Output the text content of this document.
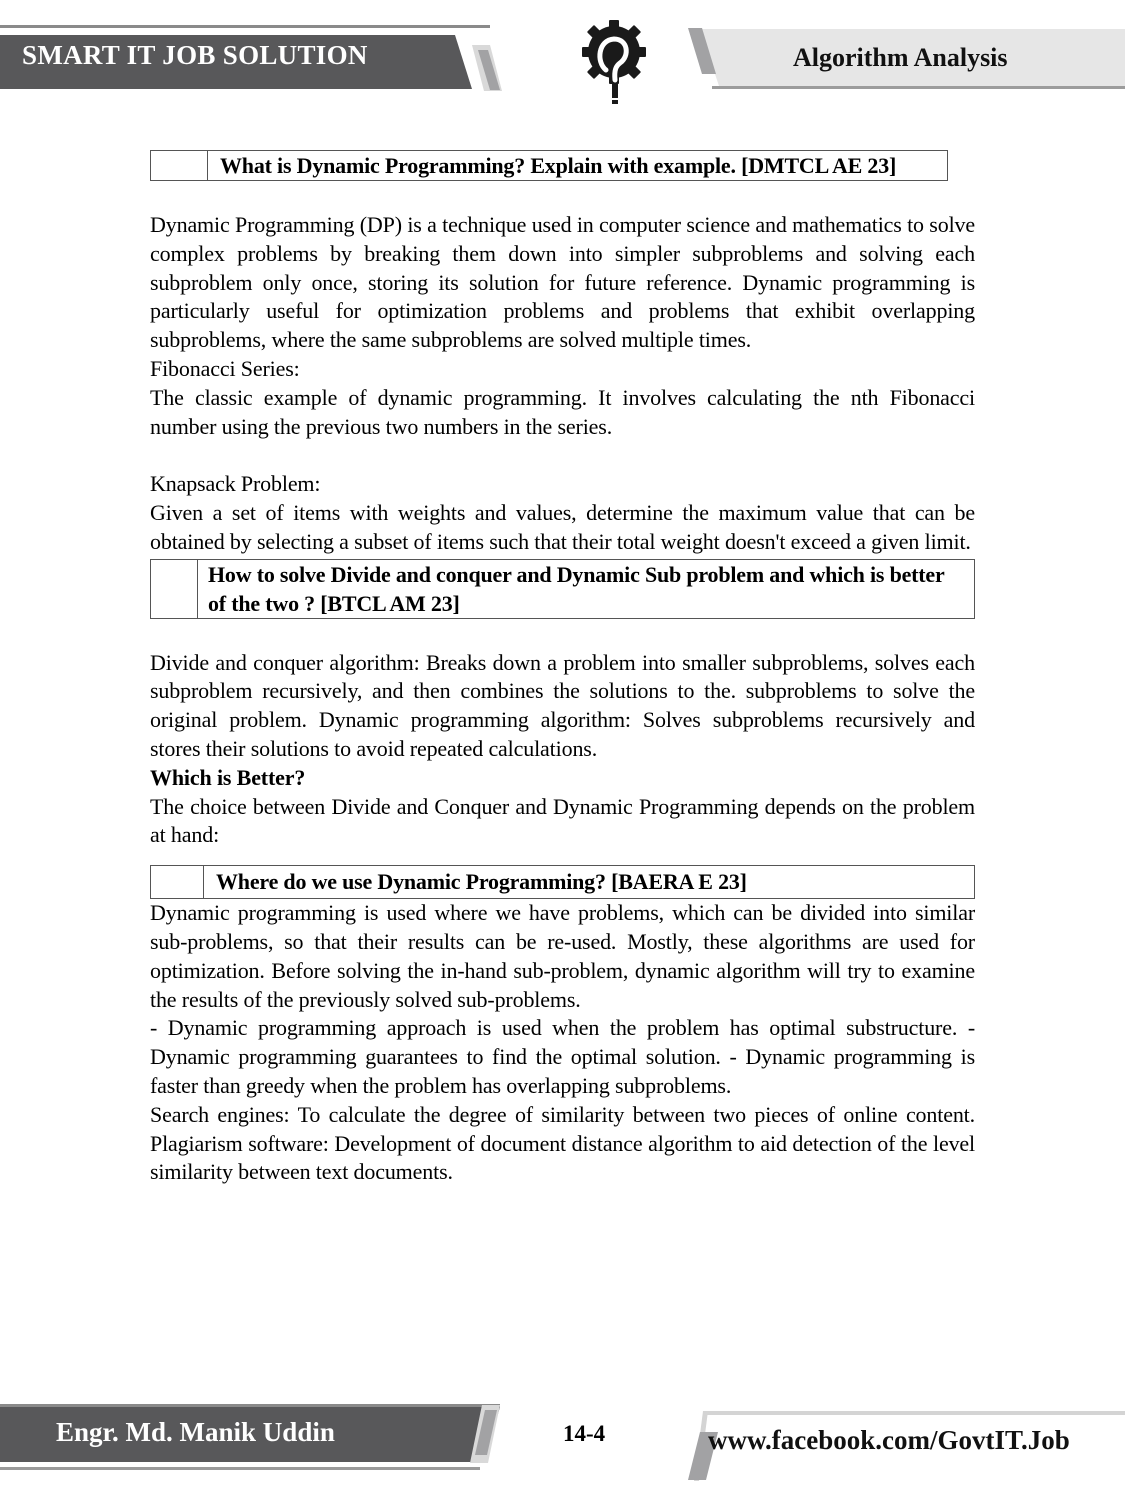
SMART IT JOB SOLUTION	Algorithm Analysis
What is Dynamic Programming? Explain with example. [DMTCL AE 23]

Dynamic Programming (DP) is a technique used in computer science and mathematics to solve complex problems by breaking them down into simpler subproblems and solving each subproblem only once, storing its solution for future reference. Dynamic programming is particularly useful for optimization problems and problems that exhibit overlapping subproblems, where the same subproblems are solved multiple times.

Fibonacci Series:

The classic example of dynamic programming. It involves calculating the nth Fibonacci number using the previous two numbers in the series.

Knapsack Problem:

Given a set of items with weights and values, determine the maximum value that can be obtained by selecting a subset of items such that their total weight doesn't exceed a given limit.

How to solve Divide and conquer and Dynamic Sub problem and which is better of the two ? [BTCL AM 23]

Divide and conquer algorithm: Breaks down a problem into smaller subproblems, solves each subproblem recursively, and then combines the solutions to the. subproblems to solve the original problem. Dynamic programming algorithm: Solves subproblems recursively and stores their solutions to avoid repeated calculations.

Which is Better?

The choice between Divide and Conquer and Dynamic Programming depends on the problem at hand:

Where do we use Dynamic Programming? [BAERA E 23]

Dynamic programming is used where we have problems, which can be divided into similar sub-problems, so that their results can be re-used. Mostly, these algorithms are used for optimization. Before solving the in-hand sub-problem, dynamic algorithm will try to examine the results of the previously solved sub-problems.

- Dynamic programming approach is used when the problem has optimal substructure. - Dynamic programming guarantees to find the optimal solution. - Dynamic programming is faster than greedy when the problem has overlapping subproblems.

Search engines: To calculate the degree of similarity between two pieces of online content. Plagiarism software: Development of document distance algorithm to aid detection of the level similarity between text documents.

Engr. Md. Manik Uddin	14-4	www.facebook.com/GovtIT.Job
